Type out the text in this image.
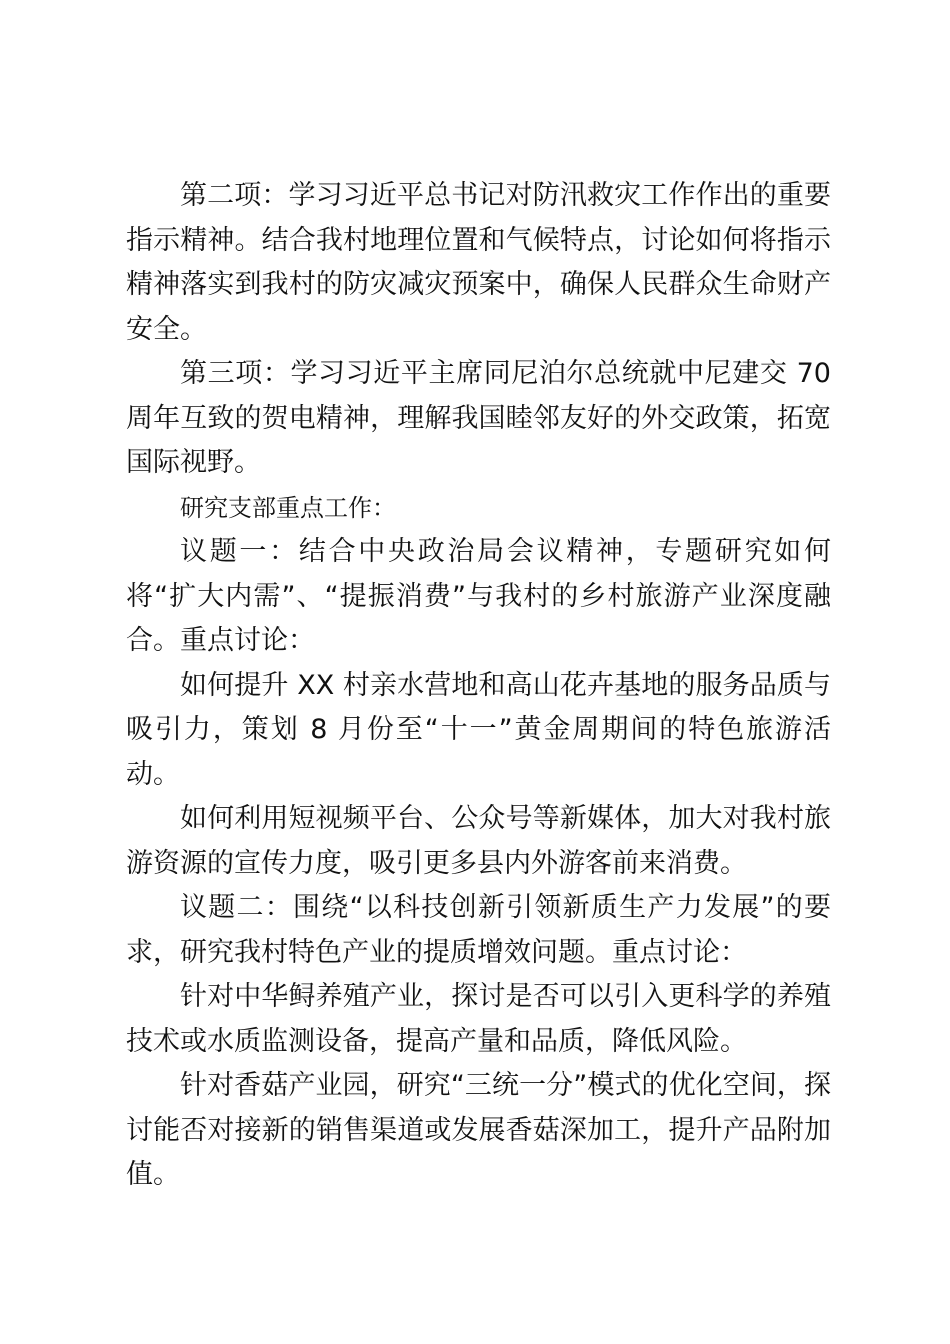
第二项：学习习近平总书记对防汛救灾工作作出的重要指示精神。结合我村地理位置和气候特点，讨论如何将指示精神落实到我村的防灾减灾预案中，确保人民群众生命财产安全。

第三项：学习习近平主席同尼泊尔总统就中尼建交 70 周年互致的贺电精神，理解我国睦邻友好的外交政策，拓宽国际视野。

研究支部重点工作：

议题一：结合中央政治局会议精神，专题研究如何将“扩大内需”、“提振消费”与我村的乡村旅游产业深度融合。重点讨论：

如何提升 XX 村亲水营地和高山花卉基地的服务品质与吸引力，策划 8 月份至“十一”黄金周期间的特色旅游活动。

如何利用短视频平台、公众号等新媒体，加大对我村旅游资源的宣传力度，吸引更多县内外游客前来消费。

议题二：围绕“以科技创新引领新质生产力发展”的要求，研究我村特色产业的提质增效问题。重点讨论：

针对中华鲟养殖产业，探讨是否可以引入更科学的养殖技术或水质监测设备，提高产量和品质，降低风险。

针对香菇产业园，研究“三统一分”模式的优化空间，探讨能否对接新的销售渠道或发展香菇深加工，提升产品附加值。
